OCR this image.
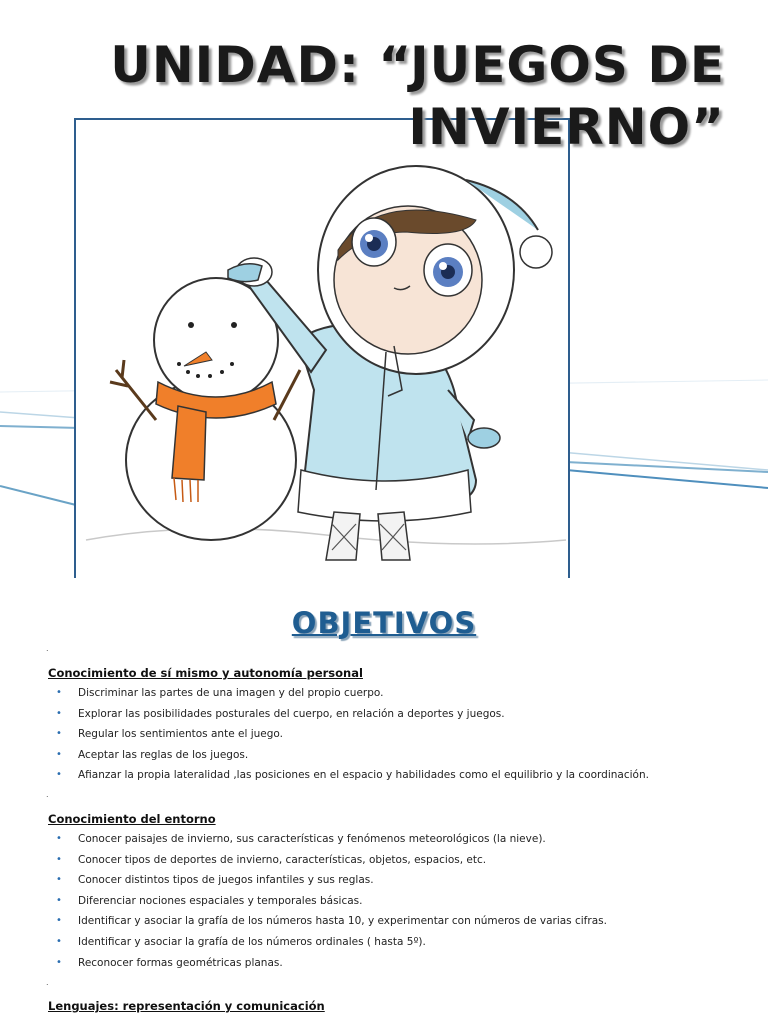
UNIDAD: “JUEGOS DE
INVIERNO”
OBJETIVOS
.
Conocimiento de sí mismo y autonomía personal
• Discriminar las partes de una imagen y del propio cuerpo.
• Explorar las posibilidades posturales del cuerpo, en relación a deportes y juegos.
• Regular los sentimientos ante el juego.
• Aceptar las reglas de los juegos.
• Afianzar la propia lateralidad ,las posiciones en el espacio y habilidades como el equilibrio y la coordinación.
.
Conocimiento del entorno
• Conocer paisajes de invierno, sus características y fenómenos meteorológicos (la nieve).
• Conocer tipos de deportes de invierno, características, objetos, espacios, etc.
• Conocer distintos tipos de juegos infantiles y sus reglas.
• Diferenciar nociones espaciales y temporales básicas.
• Identificar y asociar la grafía de los números hasta 10, y experimentar con números de varias cifras.
• Identificar y asociar la grafía de los números ordinales ( hasta 5º).
• Reconocer formas geométricas planas.
.
Lenguajes: representación y comunicación
